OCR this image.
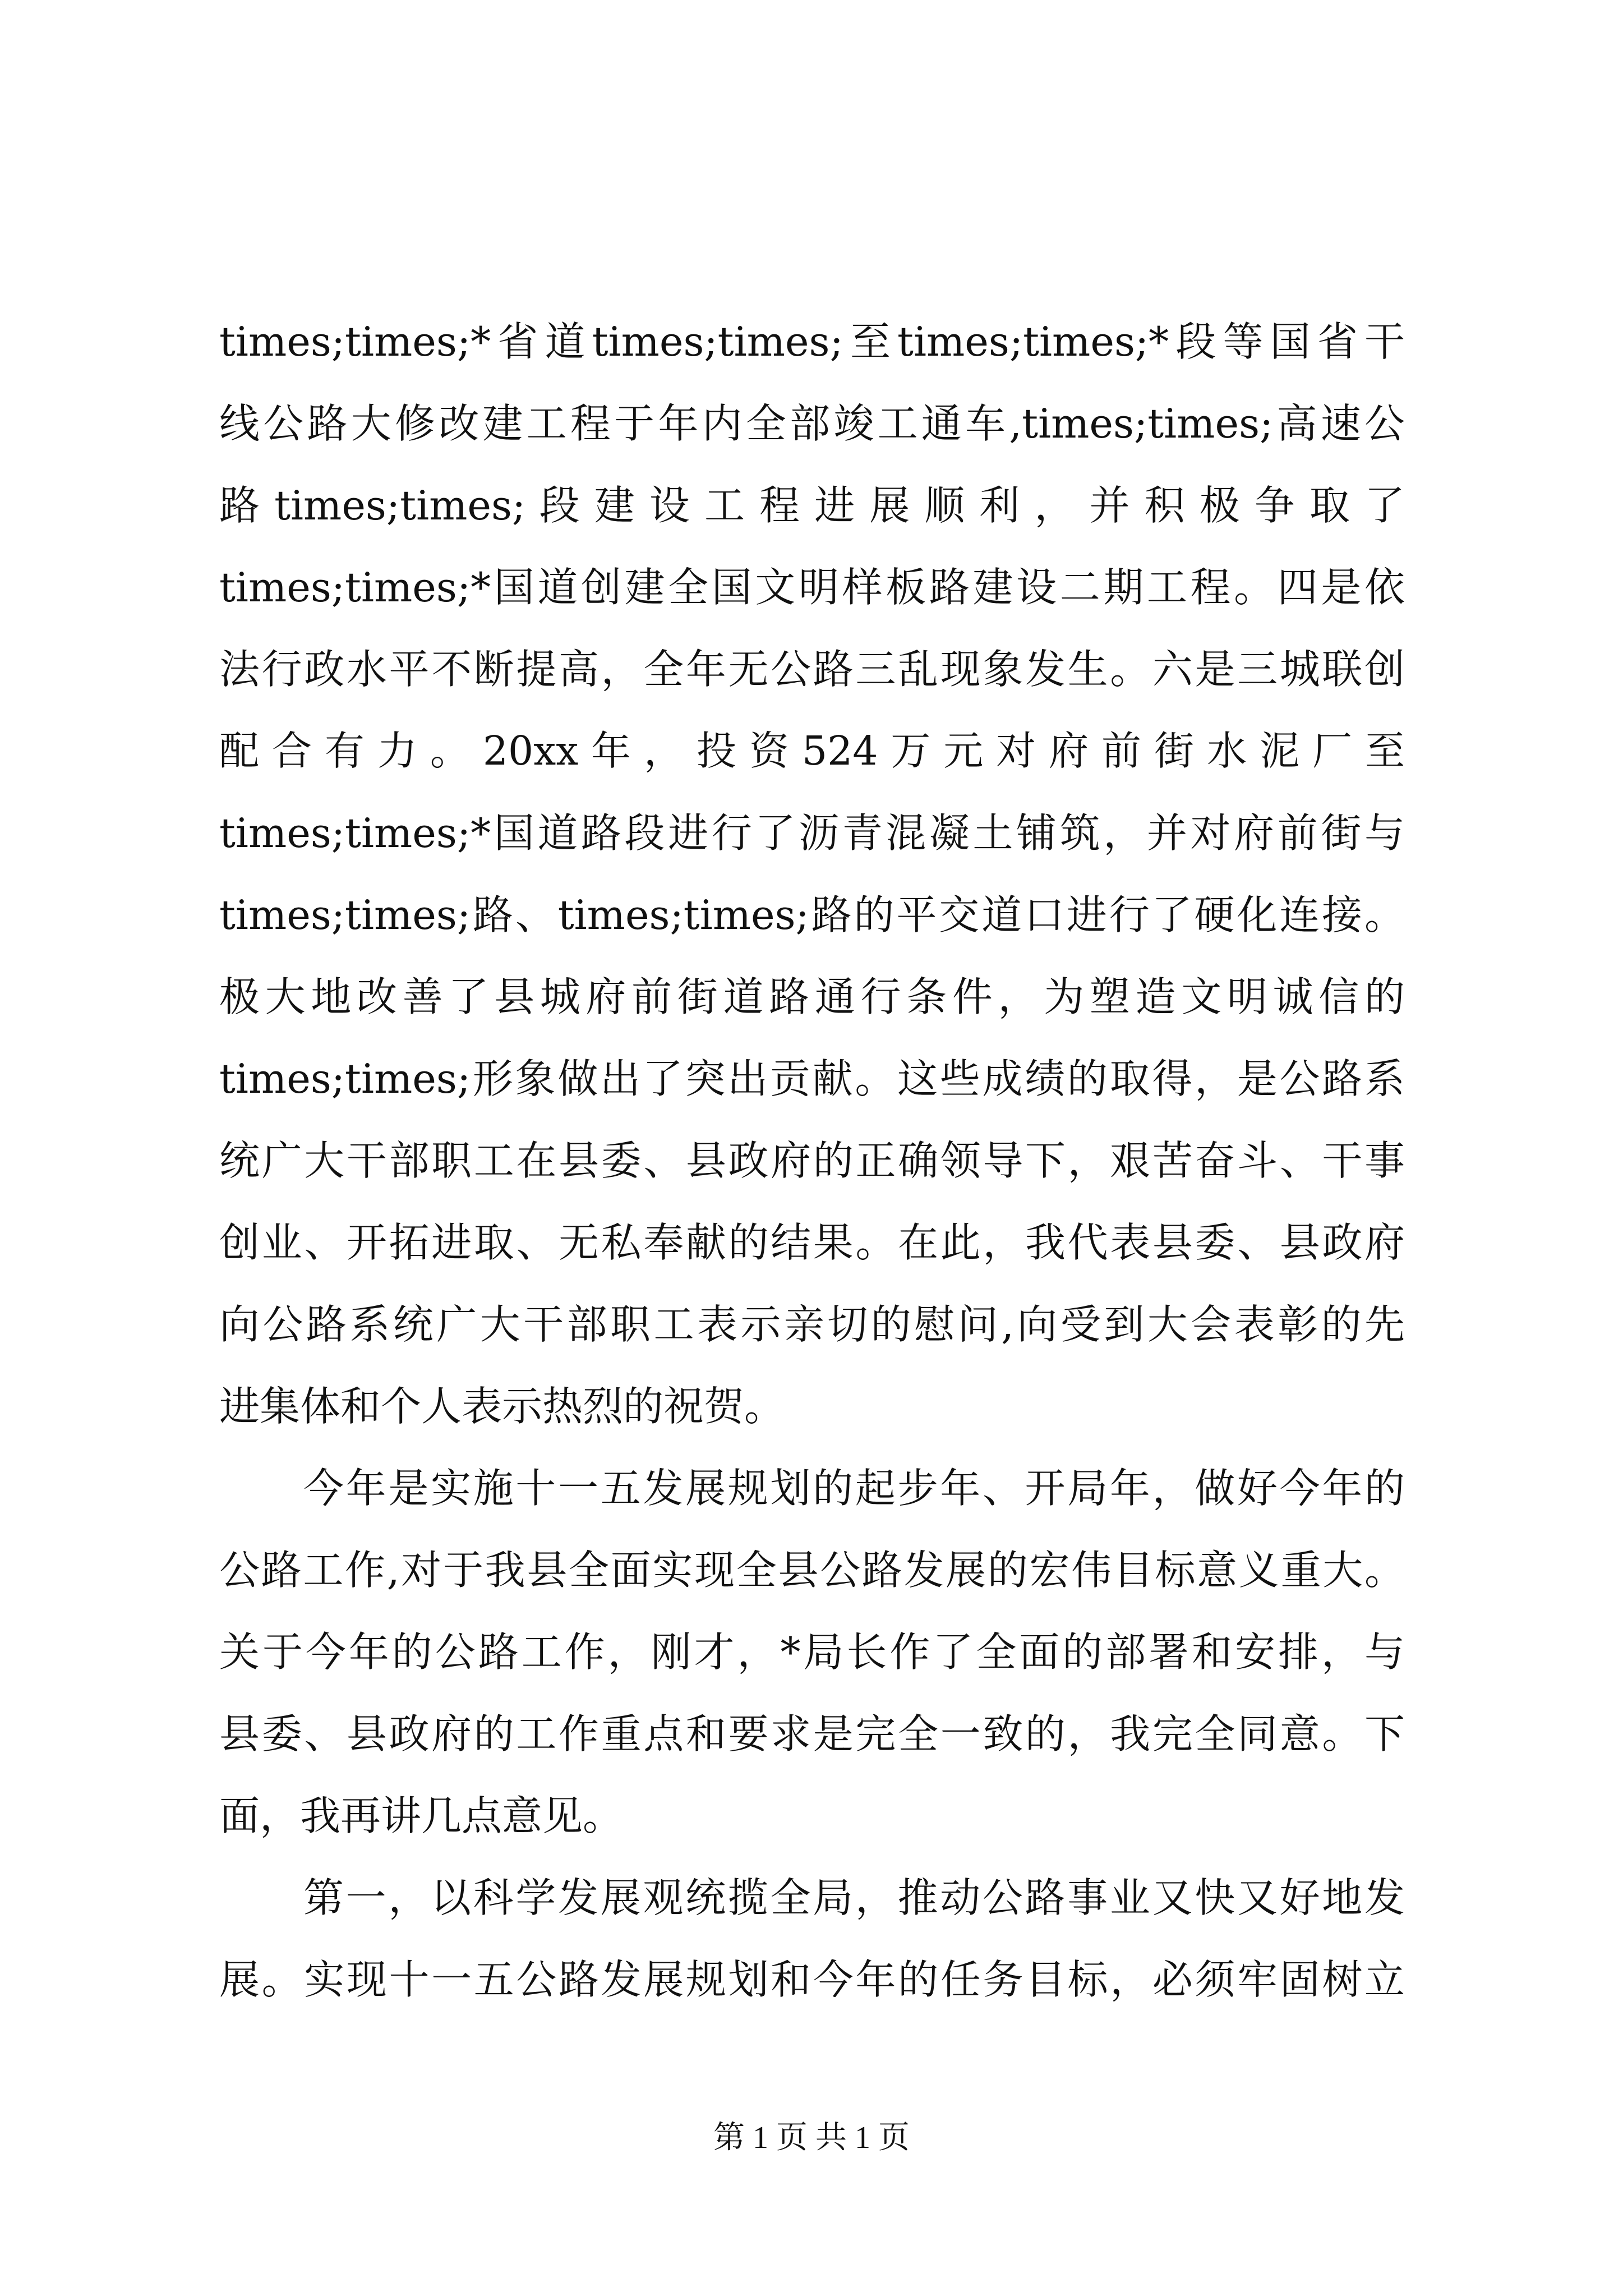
times;times;*省道times;times;至times;times;*段等国省干
线公路大修改建工程于年内全部竣工通车,times;times;高速公
路 times;times; 段 建 设 工 程 进 展 顺 利 ， 并 积 极 争 取 了
times;times;*国道创建全国文明样板路建设二期工程。四是依
法行政水平不断提高，全年无公路三乱现象发生。六是三城联创
配 合 有 力 。 20xx 年 ， 投 资 524 万 元 对 府 前 街 水 泥 厂 至
times;times;*国道路段进行了沥青混凝土铺筑，并对府前街与
times;times;路、times;times;路的平交道口进行了硬化连接。
极大地改善了县城府前街道路通行条件，为塑造文明诚信的
times;times;形象做出了突出贡献。这些成绩的取得，是公路系
统广大干部职工在县委、县政府的正确领导下，艰苦奋斗、干事
创业、开拓进取、无私奉献的结果。在此，我代表县委、县政府
向公路系统广大干部职工表示亲切的慰问,向受到大会表彰的先
进集体和个人表示热烈的祝贺。
今年是实施十一五发展规划的起步年、开局年，做好今年的
公路工作,对于我县全面实现全县公路发展的宏伟目标意义重大。
关于今年的公路工作，刚才，*局长作了全面的部署和安排，与
县委、县政府的工作重点和要求是完全一致的，我完全同意。下
面，我再讲几点意见。
第一，以科学发展观统揽全局，推动公路事业又快又好地发
展。实现十一五公路发展规划和今年的任务目标，必须牢固树立
第 1 页 共 1 页
